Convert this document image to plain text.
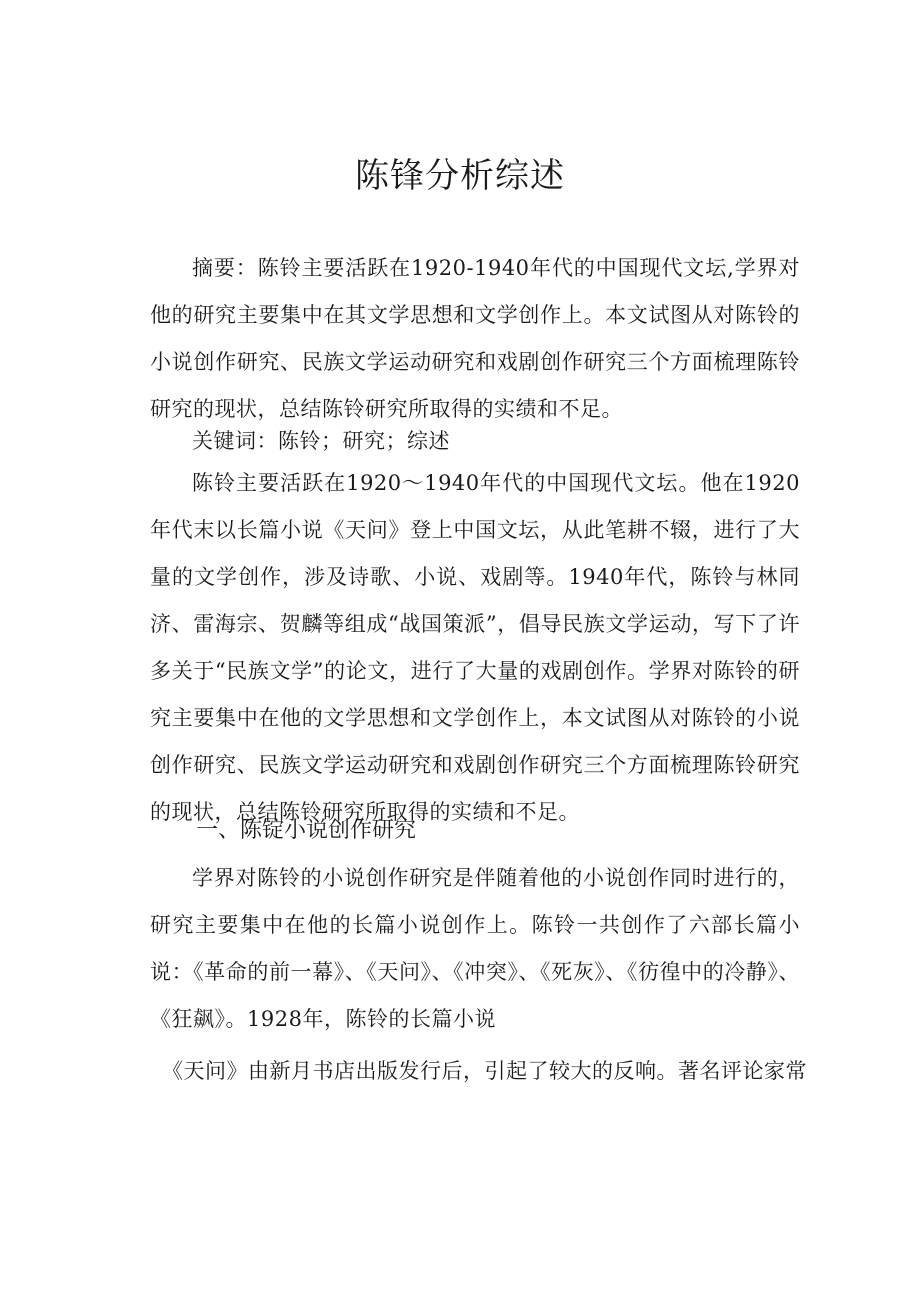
陈锋分析综述

摘要：陈铃主要活跃在1920-1940年代的中国现代文坛,学界对他的研究主要集中在其文学思想和文学创作上。本文试图从对陈铃的小说创作研究、民族文学运动研究和戏剧创作研究三个方面梳理陈铃研究的现状，总结陈铃研究所取得的实绩和不足。

关键词：陈铃；研究；综述

陈铃主要活跃在1920～1940年代的中国现代文坛。他在1920年代末以长篇小说《天问》登上中国文坛，从此笔耕不辍，进行了大量的文学创作，涉及诗歌、小说、戏剧等。1940年代，陈铃与林同济、雷海宗、贺麟等组成“战国策派”，倡导民族文学运动，写下了许多关于“民族文学”的论文，进行了大量的戏剧创作。学界对陈铃的研究主要集中在他的文学思想和文学创作上，本文试图从对陈铃的小说创作研究、民族文学运动研究和戏剧创作研究三个方面梳理陈铃研究的现状，总结陈铃研究所取得的实绩和不足。

一、陈锭小说创作研究

学界对陈铃的小说创作研究是伴随着他的小说创作同时进行的，研究主要集中在他的长篇小说创作上。陈铃一共创作了六部长篇小说：《革命的前一幕》、《天问》、《冲突》、《死灰》、《彷徨中的冷静》、《狂飙》。1928年，陈铃的长篇小说

《天问》由新月书店出版发行后，引起了较大的反响。著名评论家常
